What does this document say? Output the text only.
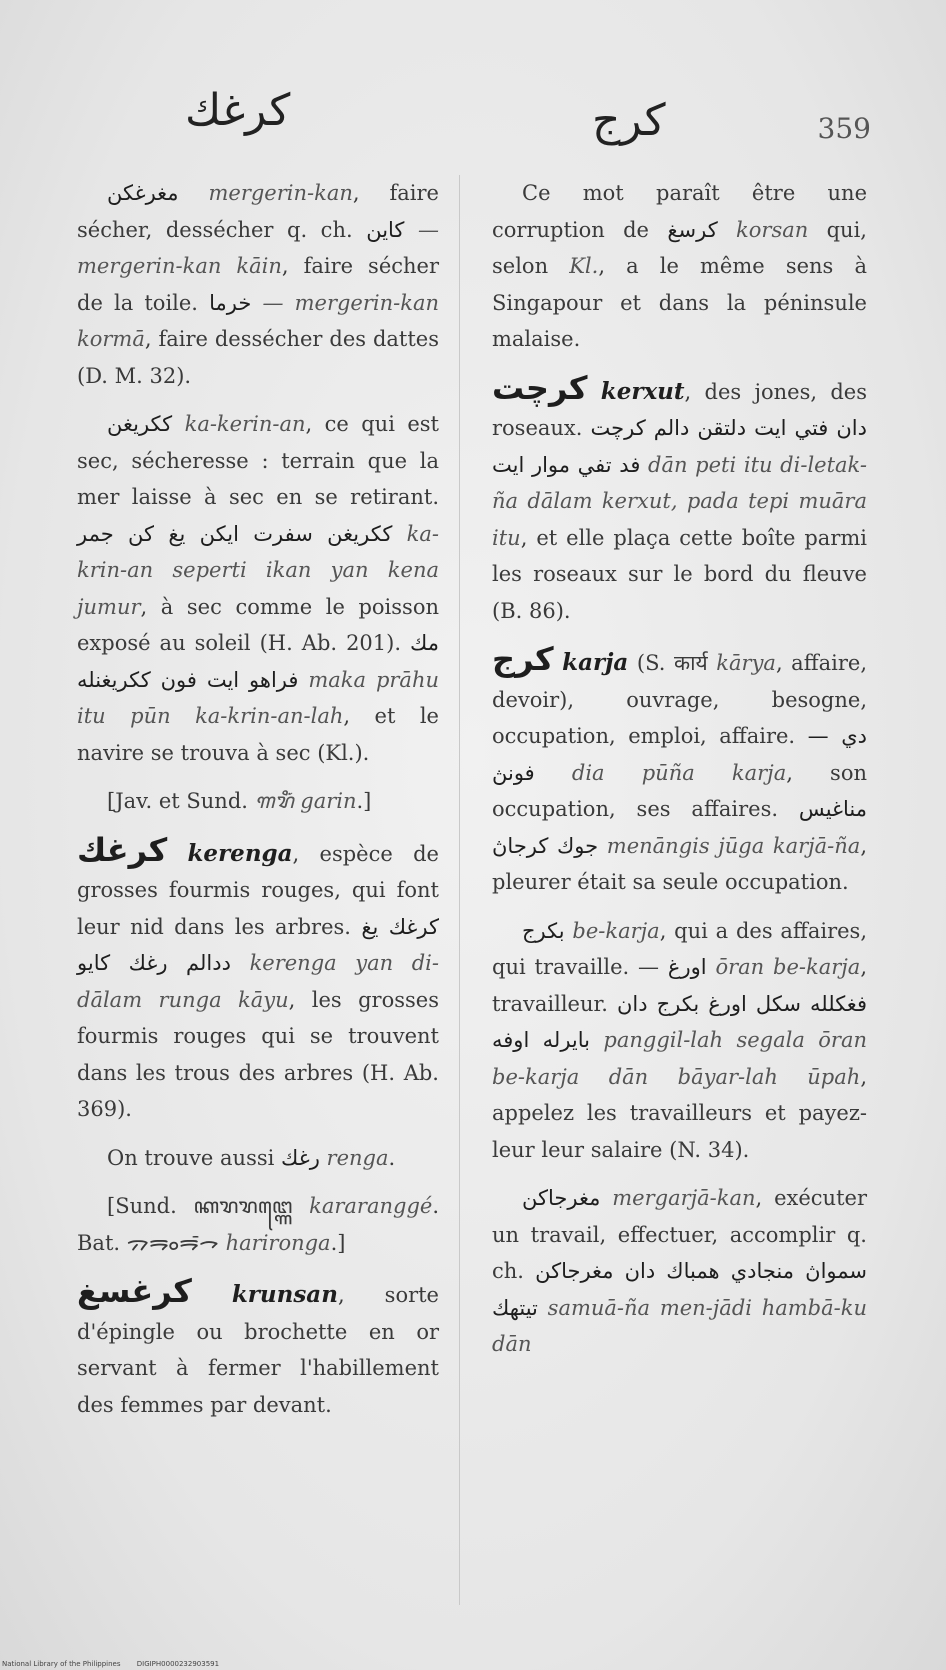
كرغك	كرج	359

مغرغكن mergerin-kan, faire sécher, dessécher q. ch. كاين — mergerin-kan kāin, faire sécher de la toile. خرما — mergerin-kan kormā, faire dessécher des dattes (D. M. 32).

ككريغن ka-kerin-an, ce qui est sec, sécheresse : terrain que la mer laisse à sec en se retirant. ككريغن سفرت ايكن يغ كن جمر ka-krin-an seperti ikan yan kena jumur, à sec comme le poisson exposé au soleil (H. Ab. 201). مك فراهو ايت فون ككريغنله maka prāhu itu pūn ka-krin-an-lah, et le navire se trouva à sec (Kl.).

[Jav. et Sund. ꦒꦫꦶꦁ garin.]

كرغك kerenga, espèce de grosses fourmis rouges, qui font leur nid dans les arbres. كرغك يغ ددالم رغك كايو kerenga yan di-dālam runga kāyu, les grosses fourmis rouges qui se trouvent dans les trous des arbres (H. Ab. 369).

On trouve aussi رغك renga.

[Sund. ꦏꦫꦫꦔ꧀ꦒꦺ kararanggé. Bat. ᯄᯒᯪᯒᯰᯎ harironga.]

كرغسغ krunsan, sorte d'épingle ou brochette en or servant à fermer l'habillement des femmes par devant.

Ce mot paraît être une corruption de كرسغ korsan qui, selon Kl., a le même sens à Singapour et dans la péninsule malaise.

كرچت kerxut, des jones, des roseaux. دان فتي ايت دلتقن دالم كرچت فد تفي موار ايت dān peti itu di-letak-ña dālam kerxut, pada tepi muāra itu, et elle plaça cette boîte parmi les roseaux sur le bord du fleuve (B. 86).

كرج karja (S. कार्य kārya, affaire, devoir), ouvrage, besogne, occupation, emploi, affaire. دي — فونڽ dia pūña karja, son occupation, ses affaires. مناغيس جوك كرجاڽ menāngis jūga karjā-ña, pleurer était sa seule occupation.

بكرج be-karja, qui a des affaires, qui travaille. — اورغ ōran be-karja, travailleur. فغكلله سكل اورغ بكرج دان بايرله اوفه panggil-lah segala ōran be-karja dān bāyar-lah ūpah, appelez les travailleurs et payez-leur leur salaire (N. 34).

مغرجاكن mergarjā-kan, exécuter un travail, effectuer, accomplir q. ch. سمواڽ منجادي همباك دان مغرجاكن تيتهك samuā-ña men-jādi hambā-ku dān

National Library of the Philippines DIGIPH0000232903591
